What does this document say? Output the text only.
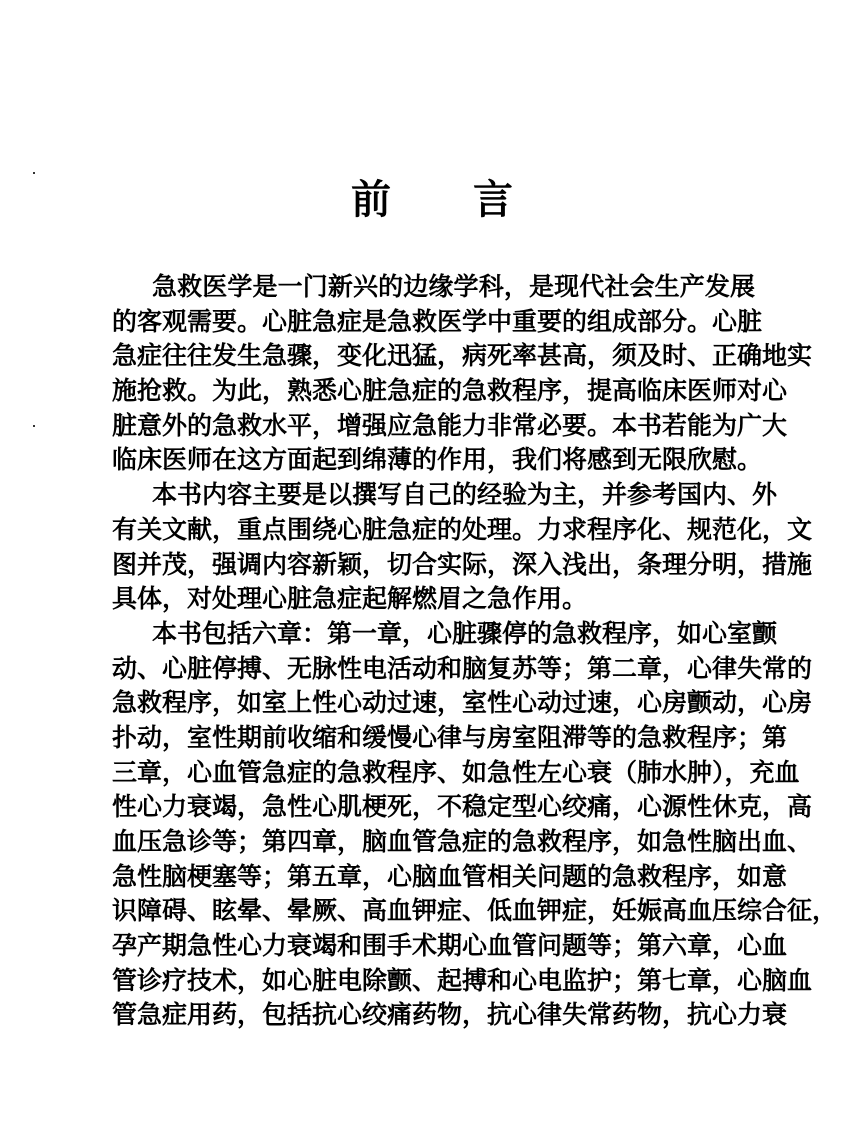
前 言
急救医学是一门新兴的边缘学科，是现代社会生产发展
的客观需要。心脏急症是急救医学中重要的组成部分。心脏
急症往往发生急骤，变化迅猛，病死率甚高，须及时、正确地实
施抢救。为此，熟悉心脏急症的急救程序，提高临床医师对心
脏意外的急救水平，增强应急能力非常必要。本书若能为广大
临床医师在这方面起到绵薄的作用，我们将感到无限欣慰。
本书内容主要是以撰写自己的经验为主，并参考国内、外
有关文献，重点围绕心脏急症的处理。力求程序化、规范化，文
图并茂，强调内容新颖，切合实际，深入浅出，条理分明，措施
具体，对处理心脏急症起解燃眉之急作用。
本书包括六章：第一章，心脏骤停的急救程序，如心室颤
动、心脏停搏、无脉性电活动和脑复苏等；第二章，心律失常的
急救程序，如室上性心动过速，室性心动过速，心房颤动，心房
扑动，室性期前收缩和缓慢心律与房室阻滞等的急救程序；第
三章，心血管急症的急救程序、如急性左心衰（肺水肿），充血
性心力衰竭，急性心肌梗死，不稳定型心绞痛，心源性休克，高
血压急诊等；第四章，脑血管急症的急救程序，如急性脑出血、
急性脑梗塞等；第五章，心脑血管相关问题的急救程序，如意
识障碍、眩晕、晕厥、高血钾症、低血钾症，妊娠高血压综合征，
孕产期急性心力衰竭和围手术期心血管问题等；第六章，心血
管诊疗技术，如心脏电除颤、起搏和心电监护；第七章，心脑血
管急症用药，包括抗心绞痛药物，抗心律失常药物，抗心力衰
